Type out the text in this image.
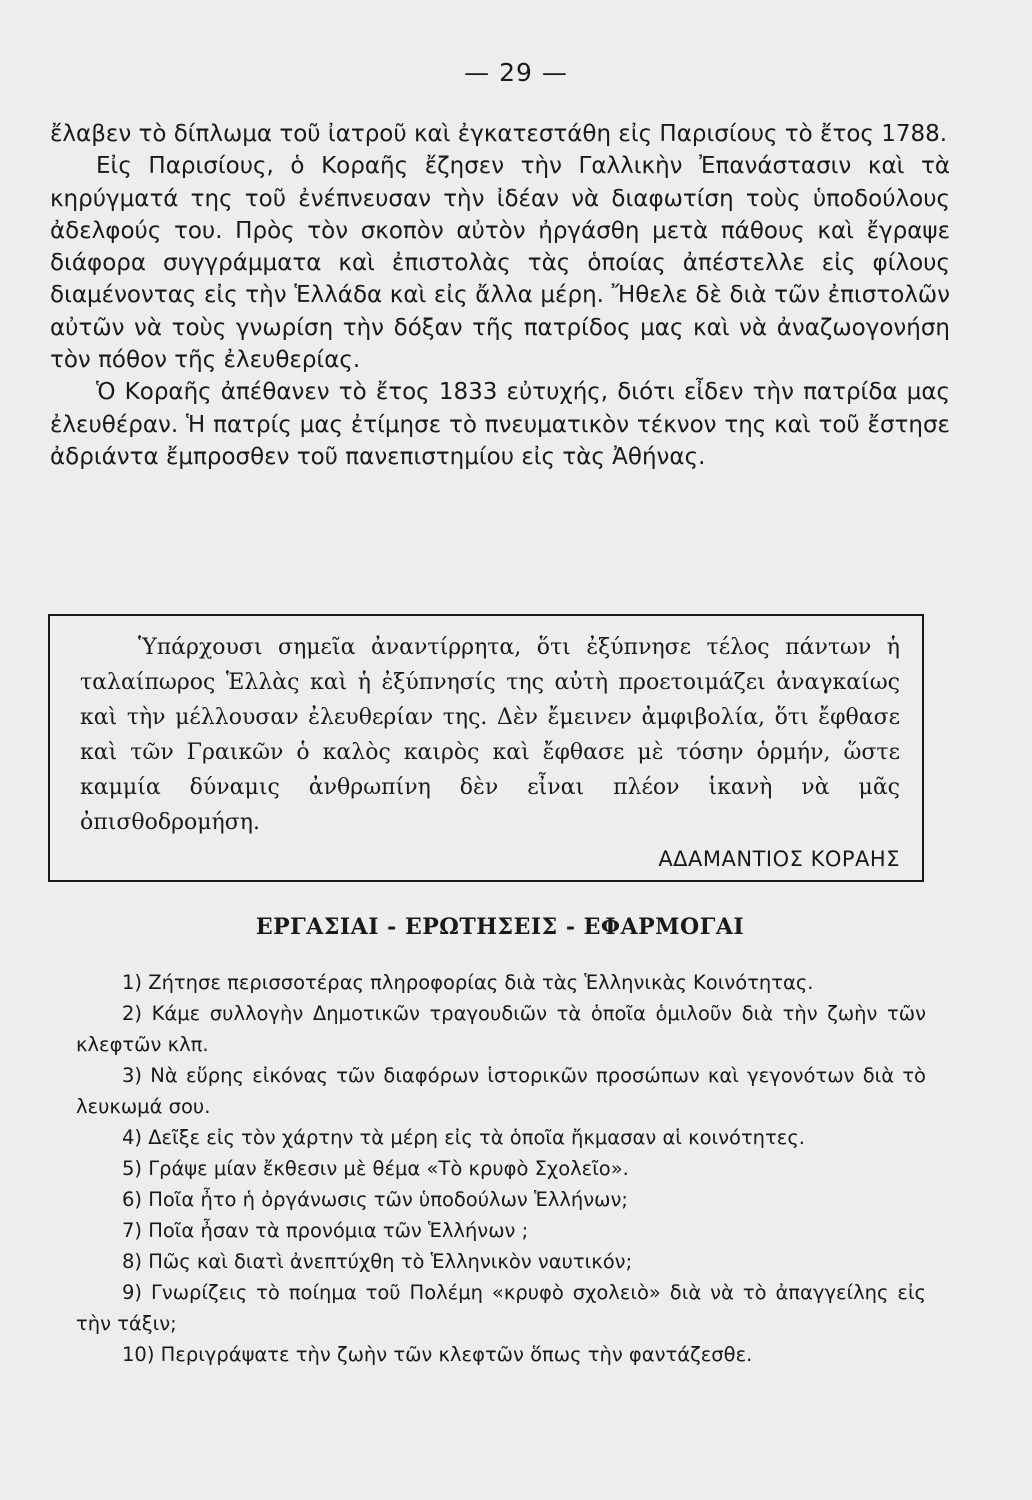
— 29 —

ἔλαβεν τὸ δίπλωμα τοῦ ἰατροῦ καὶ ἐγκατεστάθη εἰς Παρισίους τὸ ἔτος 1788.

Εἰς Παρισίους, ὁ Κοραῆς ἔζησεν τὴν Γαλλικὴν Ἐπανάστασιν καὶ τὰ κηρύγματά της τοῦ ἐνέπνευσαν τὴν ἰδέαν νὰ διαφωτίση τοὺς ὑποδούλους ἀδελφούς του. Πρὸς τὸν σκοπὸν αὐτὸν ἠργάσθη μετὰ πάθους καὶ ἔγραψε διάφορα συγγράμματα καὶ ἐπιστολὰς τὰς ὁποίας ἀπέστελλε εἰς φίλους διαμένοντας εἰς τὴν Ἑλλάδα καὶ εἰς ἄλλα μέρη. Ἤθελε δὲ διὰ τῶν ἐπιστολῶν αὐτῶν νὰ τοὺς γνωρίση τὴν δόξαν τῆς πατρίδος μας καὶ νὰ ἀναζωογονήση τὸν πόθον τῆς ἐλευθερίας.

Ὁ Κοραῆς ἀπέθανεν τὸ ἔτος 1833 εὐτυχής, διότι εἶδεν τὴν πατρίδα μας ἐλευθέραν. Ἡ πατρίς μας ἐτίμησε τὸ πνευματικὸν τέκνον της καὶ τοῦ ἔστησε ἀδριάντα ἔμπροσθεν τοῦ πανεπιστημίου εἰς τὰς Ἀθήνας.

Ὑπάρχουσι σημεῖα ἀναντίρρητα, ὅτι ἐξύπνησε τέλος πάντων ἡ ταλαίπωρος Ἑλλὰς καὶ ἡ ἐξύπνησίς της αὐτὴ προετοιμάζει ἀναγκαίως καὶ τὴν μέλλουσαν ἐλευθερίαν της. Δὲν ἔμεινεν ἀμφιβολία, ὅτι ἔφθασε καὶ τῶν Γραικῶν ὁ καλὸς καιρὸς καὶ ἔφθασε μὲ τόσην ὁρμήν, ὥστε καμμία δύναμις ἀνθρωπίνη δὲν εἶναι πλέον ἱκανὴ νὰ μᾶς ὀπισθοδρομήση.

ΑΔΑΜΑΝΤΙΟΣ ΚΟΡΑΗΣ
ΕΡΓΑΣΙΑΙ - ΕΡΩΤΗΣΕΙΣ - ΕΦΑΡΜΟΓΑΙ
1) Ζήτησε περισσοτέρας πληροφορίας διὰ τὰς Ἑλληνικὰς Κοινότητας.
2) Κάμε συλλογὴν Δημοτικῶν τραγουδιῶν τὰ ὁποῖα ὁμιλοῦν διὰ τὴν ζωὴν τῶν κλεφτῶν κλπ.
3) Νὰ εὕρης εἰκόνας τῶν διαφόρων ἱστορικῶν προσώπων καὶ γεγονότων διὰ τὸ λευκωμά σου.
4) Δεῖξε εἰς τὸν χάρτην τὰ μέρη εἰς τὰ ὁποῖα ἤκμασαν αἱ κοινότητες.
5) Γράψε μίαν ἔκθεσιν μὲ θέμα «Τὸ κρυφὸ Σχολεῖο».
6) Ποῖα ἦτο ἡ ὀργάνωσις τῶν ὑποδούλων Ἑλλήνων;
7) Ποῖα ἦσαν τὰ προνόμια τῶν Ἑλλήνων ;
8) Πῶς καὶ διατὶ ἀνεπτύχθη τὸ Ἑλληνικὸν ναυτικόν;
9) Γνωρίζεις τὸ ποίημα τοῦ Πολέμη «κρυφὸ σχολειὸ» διὰ νὰ τὸ ἀπαγγείλης εἰς τὴν τάξιν;
10) Περιγράψατε τὴν ζωὴν τῶν κλεφτῶν ὅπως τὴν φαντάζεσθε.
